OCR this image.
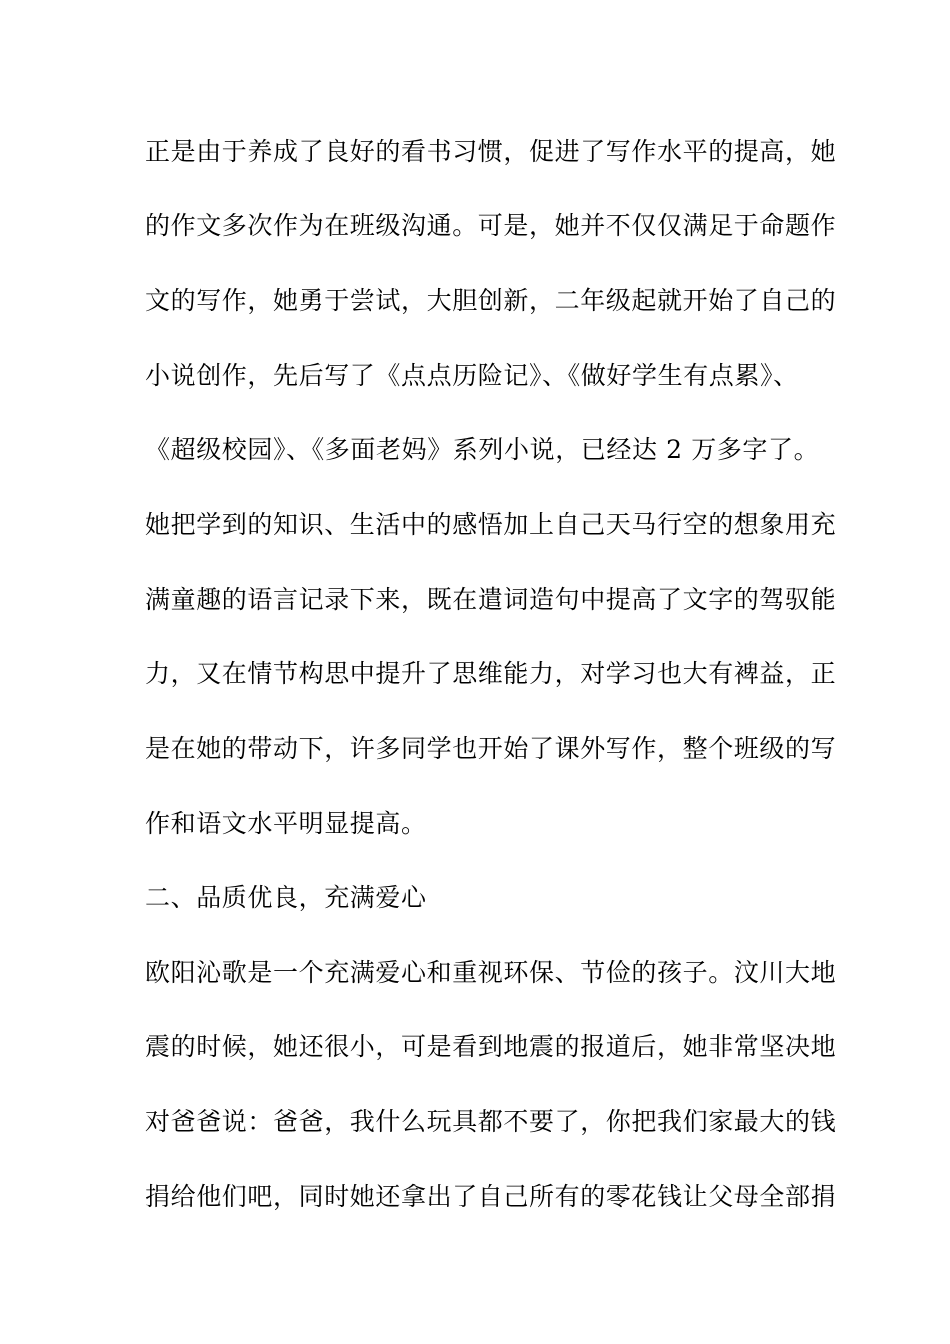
正是由于养成了良好的看书习惯，促进了写作水平的提高，她

的作文多次作为在班级沟通。可是，她并不仅仅满足于命题作

文的写作，她勇于尝试，大胆创新，二年级起就开始了自己的

小说创作，先后写了《点点历险记》、《做好学生有点累》、

《超级校园》、《多面老妈》系列小说，已经达 2 万多字了。

她把学到的知识、生活中的感悟加上自己天马行空的想象用充

满童趣的语言记录下来，既在遣词造句中提高了文字的驾驭能

力，又在情节构思中提升了思维能力，对学习也大有裨益，正

是在她的带动下，许多同学也开始了课外写作，整个班级的写

作和语文水平明显提高。

二、品质优良，充满爱心

欧阳沁歌是一个充满爱心和重视环保、节俭的孩子。汶川大地

震的时候，她还很小，可是看到地震的报道后，她非常坚决地

对爸爸说：爸爸，我什么玩具都不要了，你把我们家最大的钱

捐给他们吧，同时她还拿出了自己所有的零花钱让父母全部捐
